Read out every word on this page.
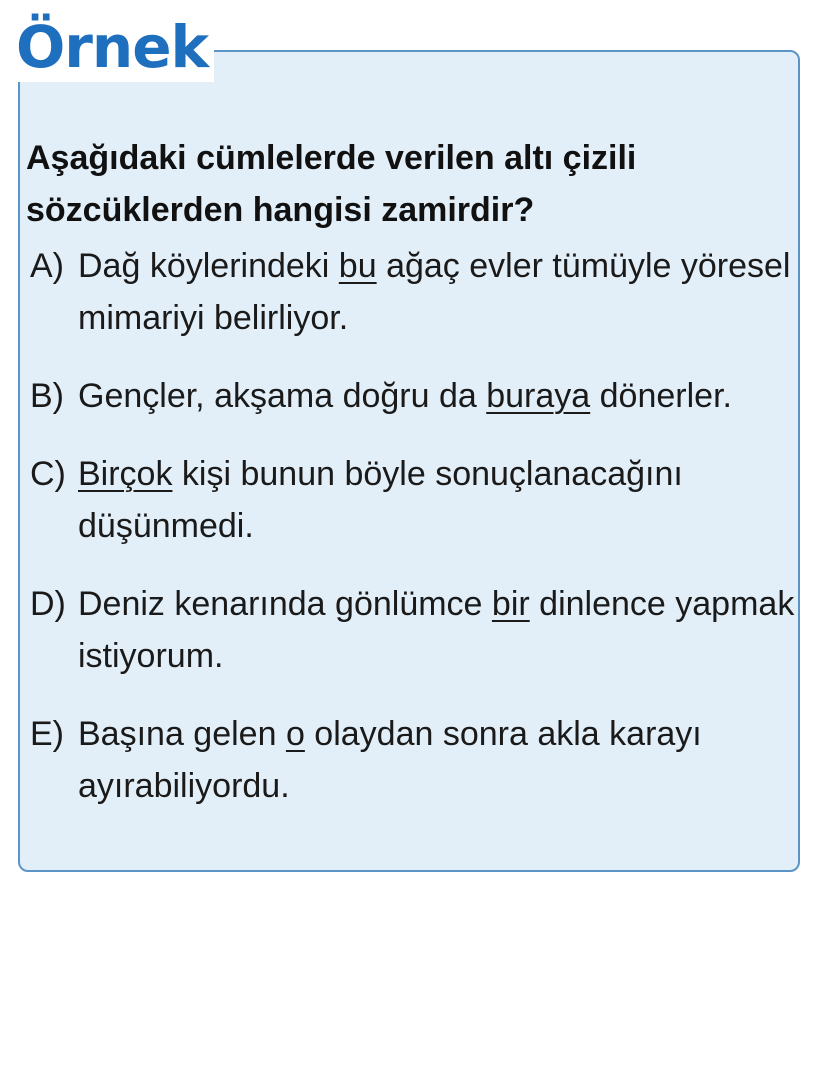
Örnek

Aşağıdaki cümlelerde verilen altı çizili sözcüklerden hangisi zamirdir?

A) Dağ köylerindeki bu ağaç evler tümüyle yöresel mimariyi belirliyor.
B) Gençler, akşama doğru da buraya dönerler.
C) Birçok kişi bunun böyle sonuçlanacağını düşünmedi.
D) Deniz kenarında gönlümce bir dinlence yapmak istiyorum.
E) Başına gelen o olaydan sonra akla karayı ayırabiliyordu.
